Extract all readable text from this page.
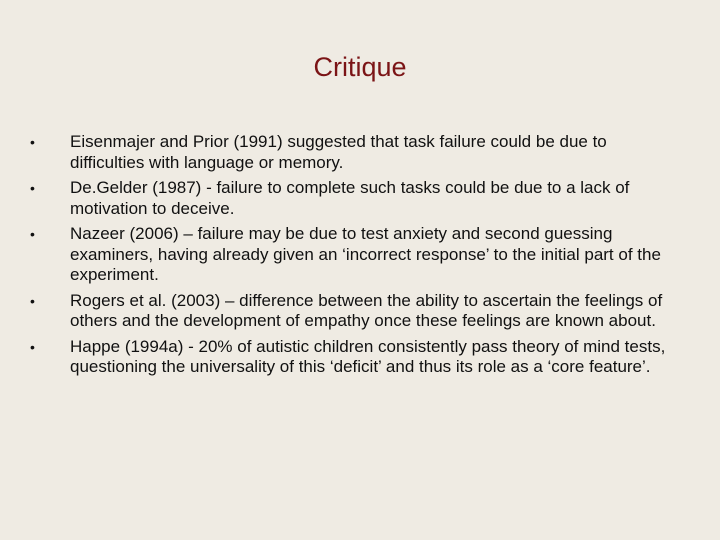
Critique
•	Eisenmajer and Prior (1991) suggested that task failure could be due to difficulties with language or memory.
•	De.Gelder (1987) - failure to complete such tasks could be due to a lack of motivation to deceive.
•	Nazeer (2006) – failure may be due to test anxiety and second guessing examiners, having already given an ‘incorrect response’ to the initial part of the experiment.
•	Rogers et al. (2003) – difference between the ability to ascertain the feelings of others and the development of empathy once these feelings are known about.
•	Happe (1994a) - 20% of autistic children consistently pass theory of mind tests, questioning the universality of this ‘deficit’ and thus its role as a ‘core feature’.
